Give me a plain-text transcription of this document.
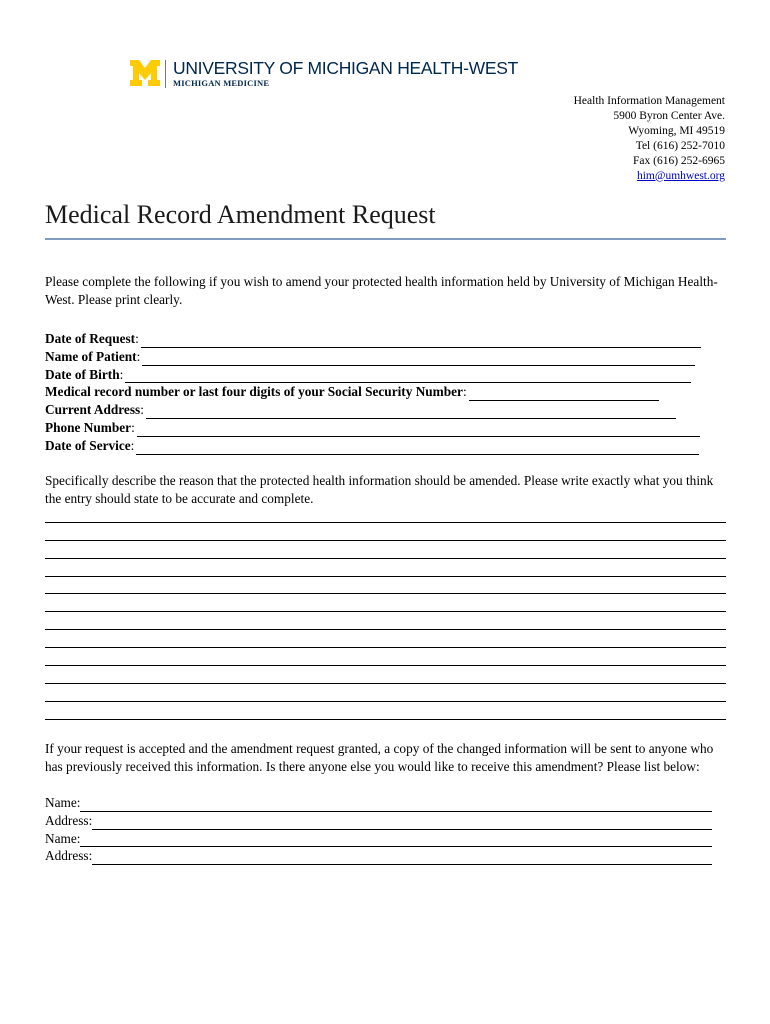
UNIVERSITY OF MICHIGAN HEALTH-WEST
MICHIGAN MEDICINE
Health Information Management
5900 Byron Center Ave.
Wyoming, MI 49519
Tel (616) 252-7010
Fax (616) 252-6965
him@umhwest.org
Medical Record Amendment Request
Please complete the following if you wish to amend your protected health information held by University of Michigan Health-West. Please print clearly.
Date of Request :
Name of Patient :
Date of Birth :
Medical record number or last four digits of your Social Security Number :
Current Address :
Phone Number :
Date of Service :
Specifically describe the reason that the protected health information should be amended. Please write exactly what you think the entry should state to be accurate and complete.
If your request is accepted and the amendment request granted, a copy of the changed information will be sent to anyone who has previously received this information. Is there anyone else you would like to receive this amendment? Please list below:
Name:
Address:
Name:
Address:
